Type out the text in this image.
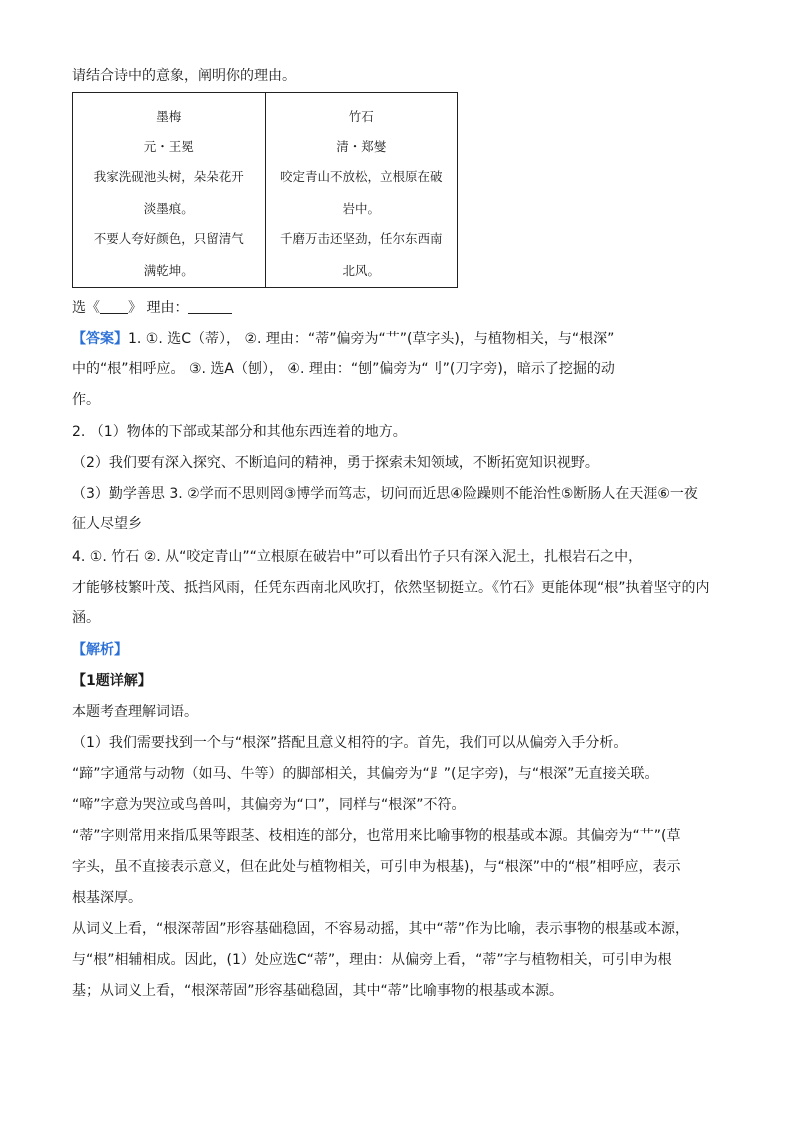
请结合诗中的意象，阐明你的理由。
墨梅
元・王冕
我家洗砚池头树，朵朵花开
淡墨痕。
不要人夸好颜色，只留清气
满乾坤。
竹石
清・郑燮
咬定青山不放松，立根原在破
岩中。
千磨万击还坚劲，任尔东西南
北风。
选《 》 理由：
【答案】1. ①. 选C（蒂）， ②. 理由：“蒂”偏旁为“艹”(草字头)，与植物相关，与“根深”
中的“根”相呼应。 ③. 选A（刨）， ④. 理由：“刨”偏旁为“刂”(刀字旁)，暗示了挖掘的动
作。
2. （1）物体的下部或某部分和其他东西连着的地方。
（2）我们要有深入探究、不断追问的精神，勇于探索未知领域，不断拓宽知识视野。
（3）勤学善思 3. ②学而不思则罔③博学而笃志，切问而近思④险躁则不能治性⑤断肠人在天涯⑥一夜
征人尽望乡
4. ①. 竹石 ②. 从“咬定青山”“立根原在破岩中”可以看出竹子只有深入泥土，扎根岩石之中，
才能够枝繁叶茂、抵挡风雨，任凭东西南北风吹打，依然坚韧挺立。《竹石》更能体现“根”执着坚守的内
涵。
【解析】
【1题详解】
本题考查理解词语。
（1）我们需要找到一个与“根深”搭配且意义相符的字。首先，我们可以从偏旁入手分析。
“蹄”字通常与动物（如马、牛等）的脚部相关，其偏旁为“⻊”(足字旁)，与“根深”无直接关联。
“啼”字意为哭泣或鸟兽叫，其偏旁为“口”，同样与“根深”不符。
“蒂”字则常用来指瓜果等跟茎、枝相连的部分，也常用来比喻事物的根基或本源。其偏旁为“艹”(草
字头，虽不直接表示意义，但在此处与植物相关，可引申为根基)，与“根深”中的“根”相呼应，表示
根基深厚。
从词义上看，“根深蒂固”形容基础稳固，不容易动摇，其中“蒂”作为比喻，表示事物的根基或本源，
与“根”相辅相成。因此，(1）处应选C“蒂”，理由：从偏旁上看，“蒂”字与植物相关，可引申为根
基；从词义上看，“根深蒂固”形容基础稳固，其中“蒂”比喻事物的根基或本源。
